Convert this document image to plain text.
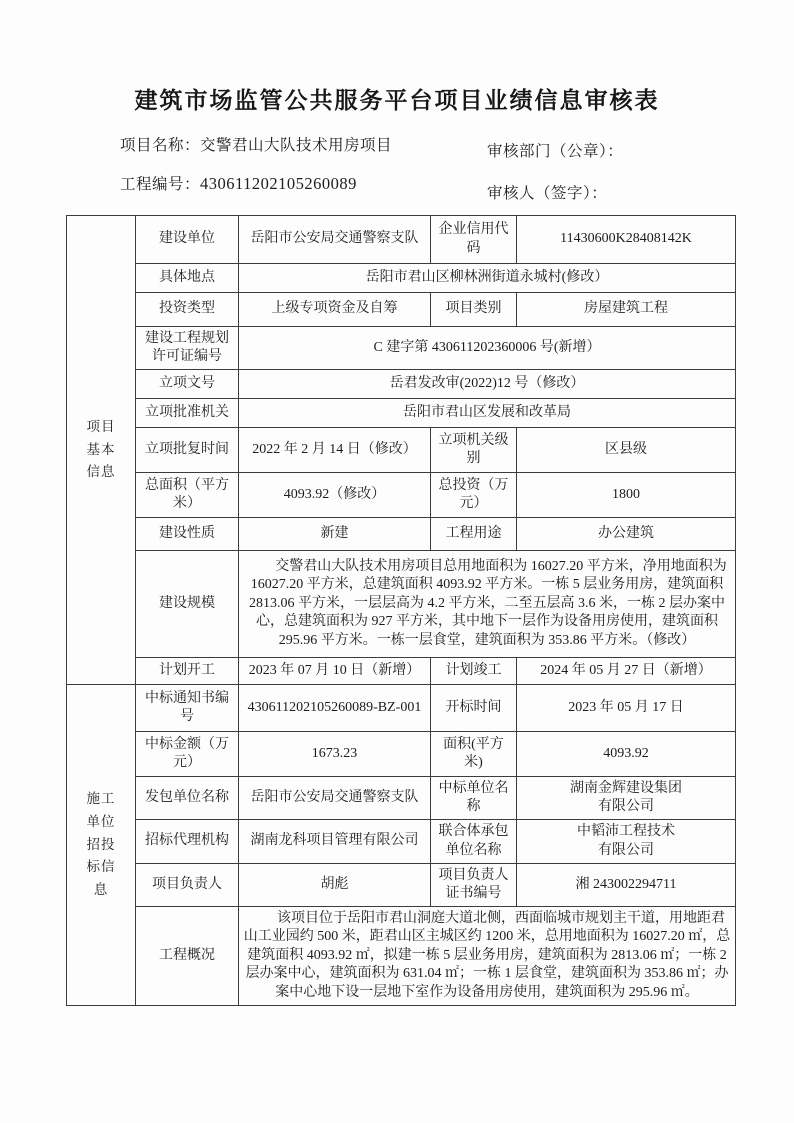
建筑市场监管公共服务平台项目业绩信息审核表
项目名称：交警君山大队技术用房项目	审核部门（公章）：
工程编号：430611202105260089
审核人（签字）：
项目基本信息	建设单位	岳阳市公安局交通警察支队	企业信用代码	11430600K28408142K
	具体地点	岳阳市君山区柳林洲街道永城村(修改）		
	投资类型	上级专项资金及自筹	项目类别	房屋建筑工程
	建设工程规划许可证编号	C 建字第 430611202360006 号(新增）		
	立项文号	岳君发改审(2022)12 号（修改）		
	立项批准机关	岳阳市君山区发展和改革局		
	立项批复时间	2022 年 2 月 14 日（修改）	立项机关级别	区县级
	总面积（平方米）	4093.92（修改）	总投资（万元）	1800
	建设性质	新建	工程用途	办公建筑
	建设规模	交警君山大队技术用房项目总用地面积为 16027.20 平方米，净用地面积为 16027.20 平方米，总建筑面积 4093.92 平方米。一栋 5 层业务用房，建筑面积 2813.06 平方米，一层层高为 4.2 平方米，二至五层高 3.6 米，一栋 2 层办案中心，总建筑面积为 927 平方米，其中地下一层作为设备用房使用，建筑面积 295.96 平方米。一栋一层食堂，建筑面积为 353.86 平方米。（修改）		
	计划开工	2023 年 07 月 10 日（新增）	计划竣工	2024 年 05 月 27 日（新增）
施工单位招投标信息	中标通知书编号	430611202105260089-BZ-001	开标时间	2023 年 05 月 17 日
	中标金额（万元）	1673.23	面积(平方米)	4093.92
	发包单位名称	岳阳市公安局交通警察支队	中标单位名称	湖南金辉建设集团有限公司
	招标代理机构	湖南龙科项目管理有限公司	联合体承包单位名称	中韬沛工程技术有限公司
	项目负责人	胡彪	项目负责人证书编号	湘 243002294711
	工程概况	该项目位于岳阳市君山洞庭大道北侧，西面临城市规划主干道，用地距君山工业园约 500 米，距君山区主城区约 1200 米，总用地面积为 16027.20 ㎡，总建筑面积 4093.92 ㎡，拟建一栋 5 层业务用房，建筑面积为 2813.06 ㎡；一栋 2 层办案中心，建筑面积为 631.04 ㎡；一栋 1 层食堂，建筑面积为 353.86 ㎡；办案中心地下设一层地下室作为设备用房使用，建筑面积为 295.96 ㎡。		
